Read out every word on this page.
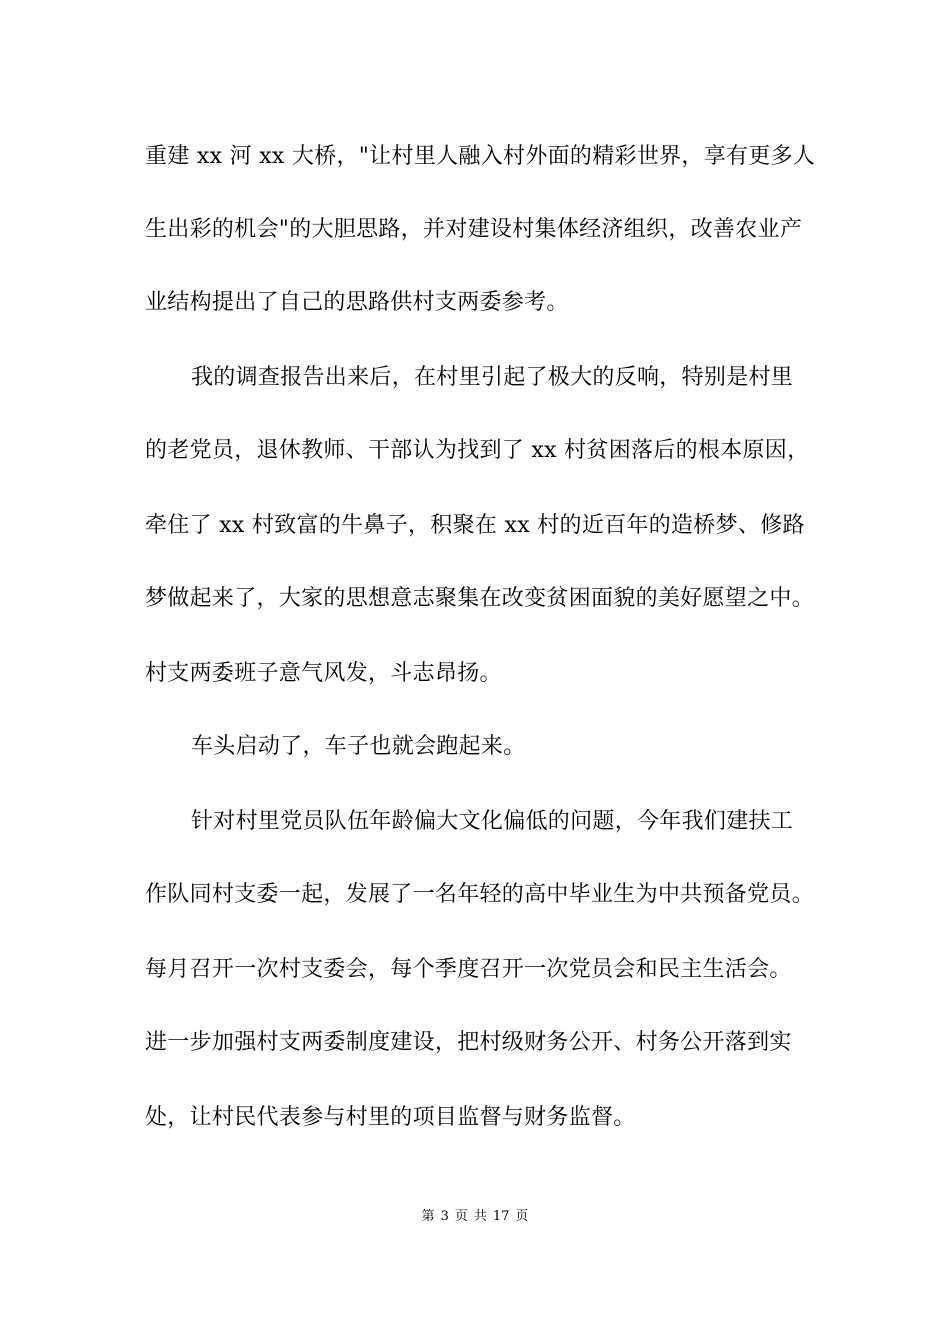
重建 xx 河 xx 大桥，"让村里人融入村外面的精彩世界，享有更多人
生出彩的机会"的大胆思路，并对建设村集体经济组织，改善农业产
业结构提出了自己的思路供村支两委参考。
我的调查报告出来后，在村里引起了极大的反响，特别是村里
的老党员，退休教师、干部认为找到了 xx 村贫困落后的根本原因，
牵住了 xx 村致富的牛鼻子，积聚在 xx 村的近百年的造桥梦、修路
梦做起来了，大家的思想意志聚集在改变贫困面貌的美好愿望之中。
村支两委班子意气风发，斗志昂扬。
车头启动了，车子也就会跑起来。
针对村里党员队伍年龄偏大文化偏低的问题，今年我们建扶工
作队同村支委一起，发展了一名年轻的高中毕业生为中共预备党员。
每月召开一次村支委会，每个季度召开一次党员会和民主生活会。
进一步加强村支两委制度建设，把村级财务公开、村务公开落到实
处，让村民代表参与村里的项目监督与财务监督。
第 3 页 共 17 页
